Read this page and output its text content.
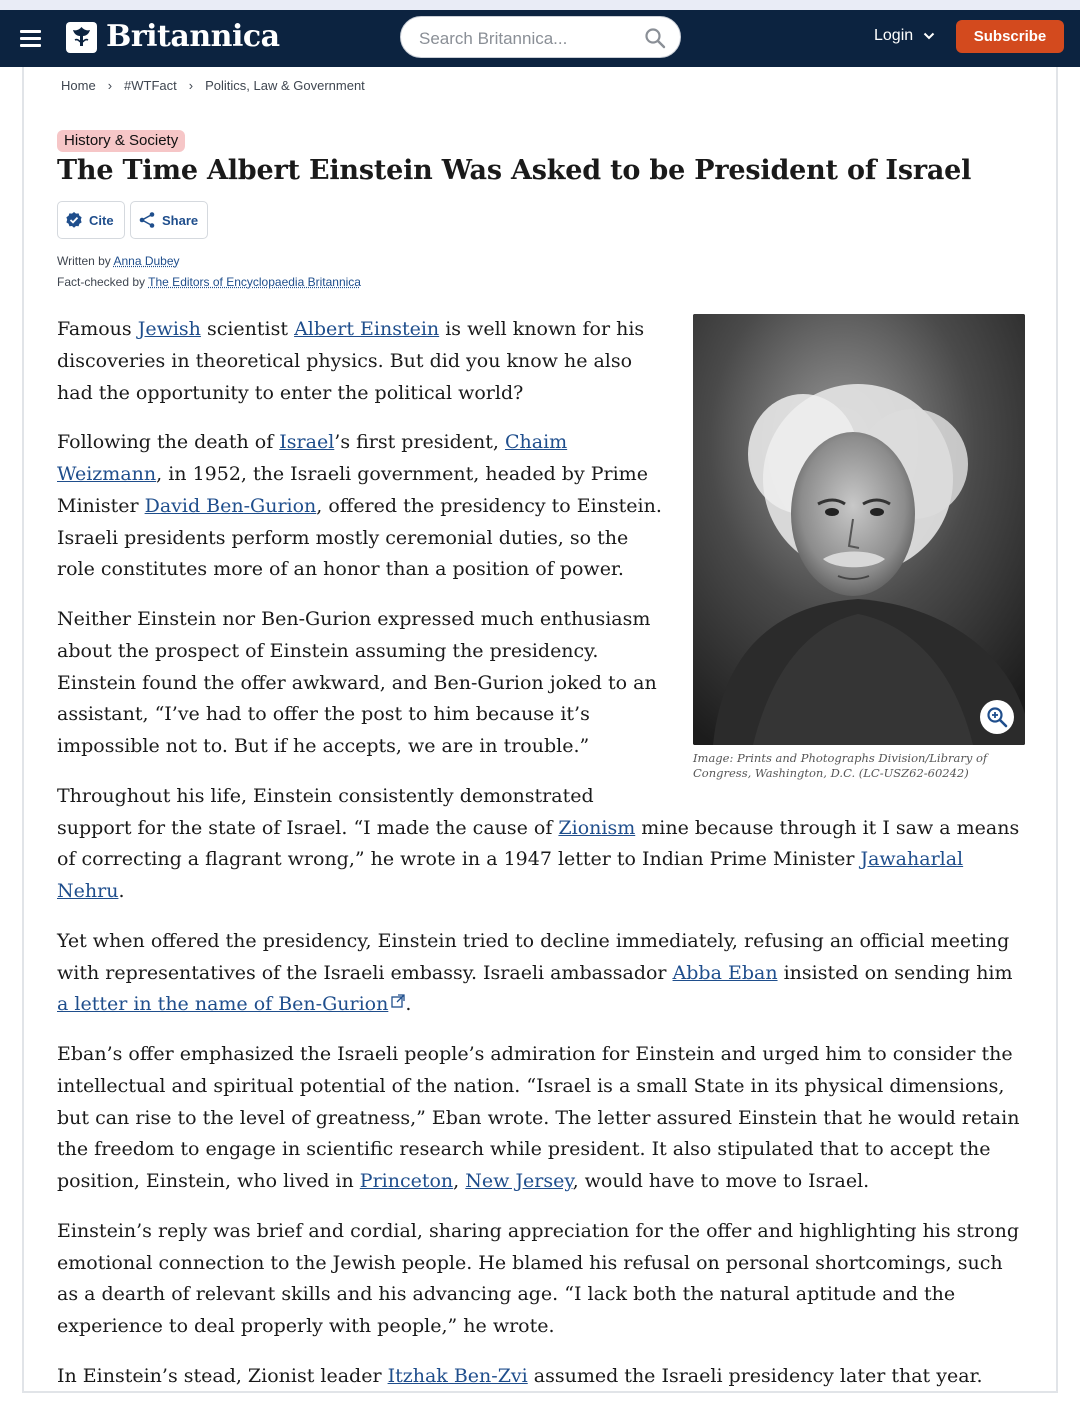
Britannica
Search Britannica...	Login	Subscribe
Home › #WTFact › Politics, Law & Government
History & Society
The Time Albert Einstein Was Asked to be President of Israel
Cite	Share
Written by Anna Dubey
Fact-checked by The Editors of Encyclopaedia Britannica
Image: Prints and Photographs Division/Library of Congress, Washington, D.C. (LC-USZ62-60242)

Famous Jewish scientist Albert Einstein is well known for his discoveries in theoretical physics. But did you know he also had the opportunity to enter the political world?

Following the death of Israel’s first president, Chaim Weizmann, in 1952, the Israeli government, headed by Prime Minister David Ben-Gurion, offered the presidency to Einstein. Israeli presidents perform mostly ceremonial duties, so the role constitutes more of an honor than a position of power.

Neither Einstein nor Ben-Gurion expressed much enthusiasm about the prospect of Einstein assuming the presidency. Einstein found the offer awkward, and Ben-Gurion joked to an assistant, “I’ve had to offer the post to him because it’s impossible not to. But if he accepts, we are in trouble.”

Throughout his life, Einstein consistently demonstrated support for the state of Israel. “I made the cause of Zionism mine because through it I saw a means of correcting a flagrant wrong,” he wrote in a 1947 letter to Indian Prime Minister Jawaharlal Nehru.

Yet when offered the presidency, Einstein tried to decline immediately, refusing an official meeting with representatives of the Israeli embassy. Israeli ambassador Abba Eban insisted on sending him a letter in the name of Ben-Gurion .

Eban’s offer emphasized the Israeli people’s admiration for Einstein and urged him to consider the intellectual and spiritual potential of the nation. “Israel is a small State in its physical dimensions, but can rise to the level of greatness,” Eban wrote. The letter assured Einstein that he would retain the freedom to engage in scientific research while president. It also stipulated that to accept the position, Einstein, who lived in Princeton, New Jersey, would have to move to Israel.

Einstein’s reply was brief and cordial, sharing appreciation for the offer and highlighting his strong emotional connection to the Jewish people. He blamed his refusal on personal shortcomings, such as a dearth of relevant skills and his advancing age. “I lack both the natural aptitude and the experience to deal properly with people,” he wrote.

In Einstein’s stead, Zionist leader Itzhak Ben-Zvi assumed the Israeli presidency later that year.
